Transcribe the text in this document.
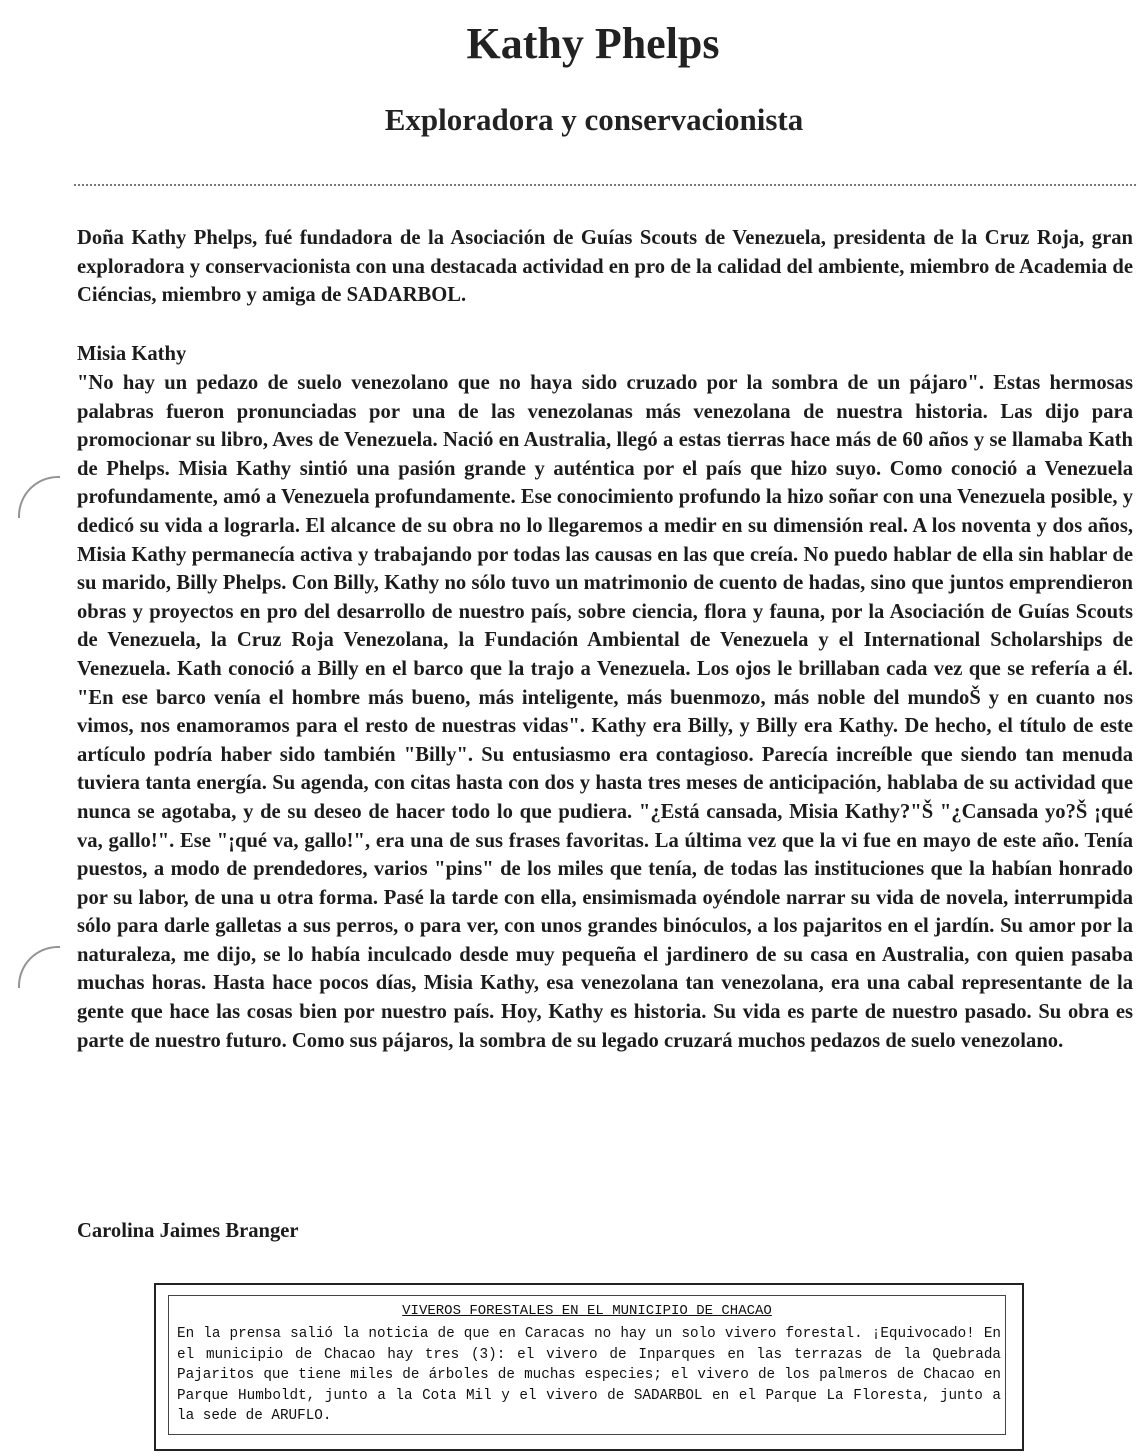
Kathy Phelps
Exploradora y conservacionista

Doña Kathy Phelps, fué fundadora de la Asociación de Guías Scouts de Venezuela, presidenta de la Cruz Roja, gran exploradora y conservacionista con una destacada actividad en pro de la calidad del ambiente, miembro de Academia de Ciéncias, miembro y amiga de SADARBOL.

Misia Kathy

"No hay un pedazo de suelo venezolano que no haya sido cruzado por la sombra de un pájaro". Estas hermosas palabras fueron pronunciadas por una de las venezolanas más venezolana de nuestra historia. Las dijo para promocionar su libro, Aves de Venezuela. Nació en Australia, llegó a estas tierras hace más de 60 años y se llamaba Kath de Phelps. Misia Kathy sintió una pasión grande y auténtica por el país que hizo suyo. Como conoció a Venezuela profundamente, amó a Venezuela profundamente. Ese conocimiento profundo la hizo soñar con una Venezuela posible, y dedicó su vida a lograrla. El alcance de su obra no lo llegaremos a medir en su dimensión real. A los noventa y dos años, Misia Kathy permanecía activa y trabajando por todas las causas en las que creía. No puedo hablar de ella sin hablar de su marido, Billy Phelps. Con Billy, Kathy no sólo tuvo un matrimonio de cuento de hadas, sino que juntos emprendieron obras y proyectos en pro del desarrollo de nuestro país, sobre ciencia, flora y fauna, por la Asociación de Guías Scouts de Venezuela, la Cruz Roja Venezolana, la Fundación Ambiental de Venezuela y el International Scholarships de Venezuela. Kath conoció a Billy en el barco que la trajo a Venezuela. Los ojos le brillaban cada vez que se refería a él. "En ese barco venía el hombre más bueno, más inteligente, más buenmozo, más noble del mundoŠ y en cuanto nos vimos, nos enamoramos para el resto de nuestras vidas". Kathy era Billy, y Billy era Kathy. De hecho, el título de este artículo podría haber sido también "Billy". Su entusiasmo era contagioso. Parecía increíble que siendo tan menuda tuviera tanta energía. Su agenda, con citas hasta con dos y hasta tres meses de anticipación, hablaba de su actividad que nunca se agotaba, y de su deseo de hacer todo lo que pudiera. "¿Está cansada, Misia Kathy?"Š "¿Cansada yo?Š ¡qué va, gallo!". Ese "¡qué va, gallo!", era una de sus frases favoritas. La última vez que la vi fue en mayo de este año. Tenía puestos, a modo de prendedores, varios "pins" de los miles que tenía, de todas las instituciones que la habían honrado por su labor, de una u otra forma. Pasé la tarde con ella, ensimismada oyéndole narrar su vida de novela, interrumpida sólo para darle galletas a sus perros, o para ver, con unos grandes binóculos, a los pajaritos en el jardín. Su amor por la naturaleza, me dijo, se lo había inculcado desde muy pequeña el jardinero de su casa en Australia, con quien pasaba muchas horas. Hasta hace pocos días, Misia Kathy, esa venezolana tan venezolana, era una cabal representante de la gente que hace las cosas bien por nuestro país. Hoy, Kathy es historia. Su vida es parte de nuestro pasado. Su obra es parte de nuestro futuro. Como sus pájaros, la sombra de su legado cruzará muchos pedazos de suelo venezolano.

Carolina Jaimes Branger

VIVEROS FORESTALES EN EL MUNICIPIO DE CHACAO

En la prensa salió la noticia de que en Caracas no hay un solo vivero forestal. ¡Equivocado! En el municipio de Chacao hay tres (3): el vivero de Inparques en las terrazas de la Quebrada Pajaritos que tiene miles de árboles de muchas especies; el vivero de los palmeros de Chacao en Parque Humboldt, junto a la Cota Mil y el vivero de SADARBOL en el Parque La Floresta, junto a la sede de ARUFLO.
